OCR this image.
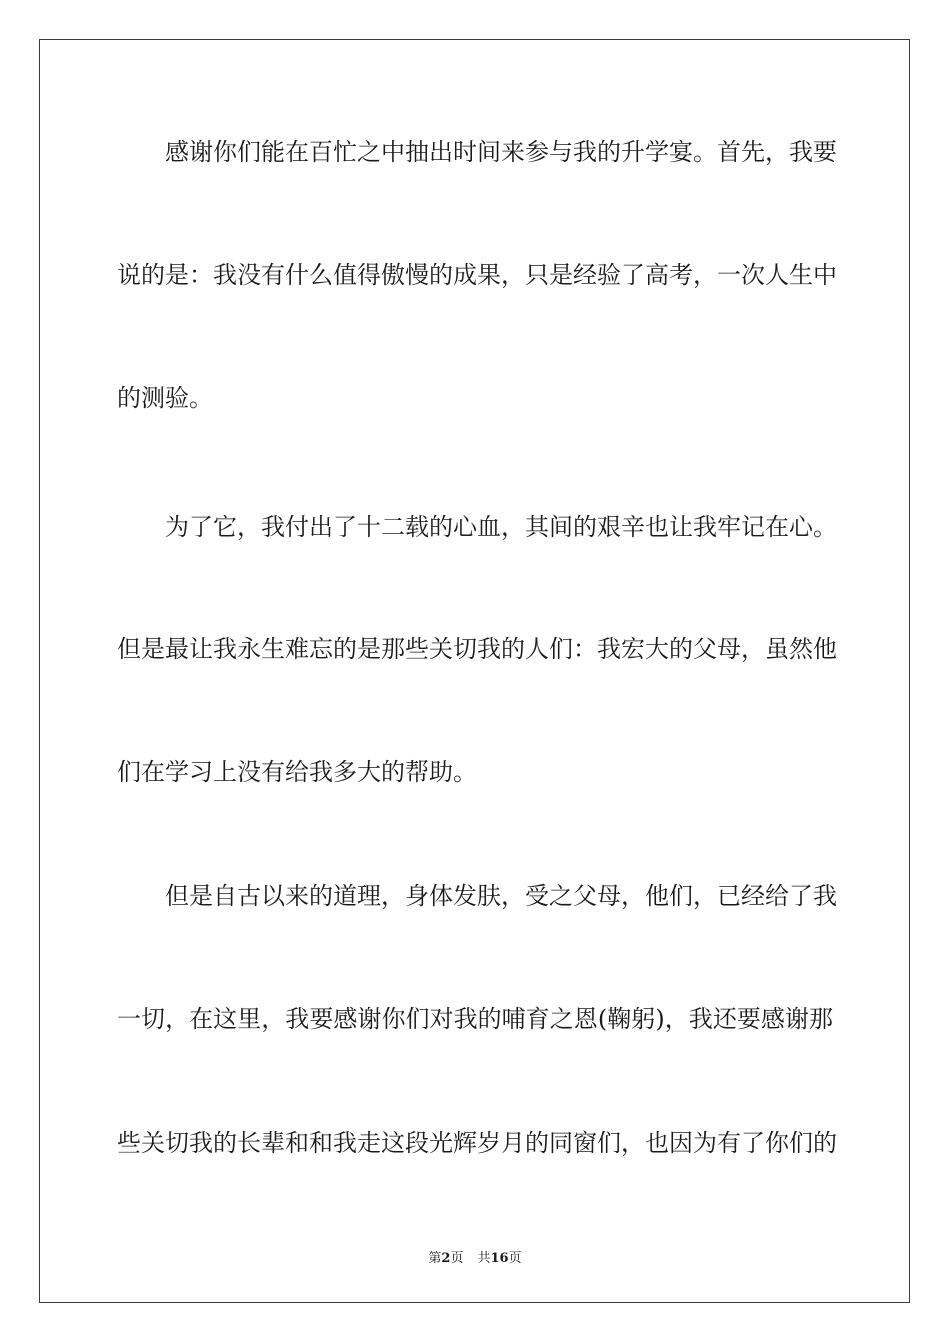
感谢你们能在百忙之中抽出时间来参与我的升学宴。首先，我要
说的是：我没有什么值得傲慢的成果，只是经验了高考，一次人生中
的测验。
为了它，我付出了十二载的心血，其间的艰辛也让我牢记在心。
但是最让我永生难忘的是那些关切我的人们：我宏大的父母，虽然他
们在学习上没有给我多大的帮助。
但是自古以来的道理，身体发肤，受之父母，他们，已经给了我
一切，在这里，我要感谢你们对我的哺育之恩(鞠躬)，我还要感谢那
些关切我的长辈和和我走这段光辉岁月的同窗们，也因为有了你们的
第2页 共16页
